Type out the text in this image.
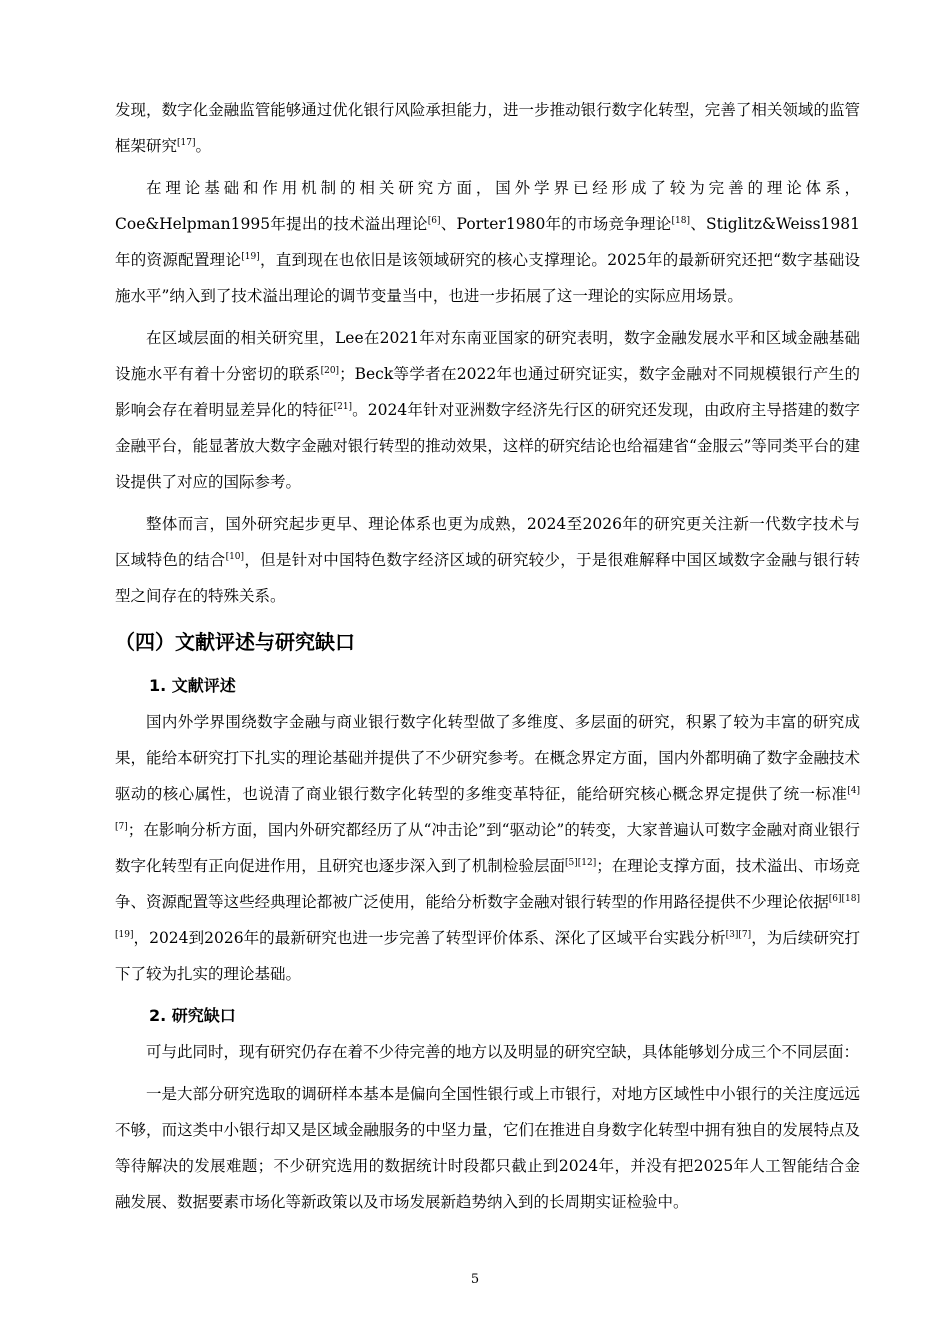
发现，数字化金融监管能够通过优化银行风险承担能力，进一步推动银行数字化转型，完善了相关领域的监管框架研究[17]。

在理论基础和作用机制的相关研究方面，国外学界已经形成了较为完善的理论体系，Coe&Helpman1995年提出的技术溢出理论[6]、Porter1980年的市场竞争理论[18]、Stiglitz&Weiss1981年的资源配置理论[19]，直到现在也依旧是该领域研究的核心支撑理论。2025年的最新研究还把“数字基础设施水平”纳入到了技术溢出理论的调节变量当中，也进一步拓展了这一理论的实际应用场景。

在区域层面的相关研究里，Lee在2021年对东南亚国家的研究表明，数字金融发展水平和区域金融基础设施水平有着十分密切的联系[20]；Beck等学者在2022年也通过研究证实，数字金融对不同规模银行产生的影响会存在着明显差异化的特征[21]。2024年针对亚洲数字经济先行区的研究还发现，由政府主导搭建的数字金融平台，能显著放大数字金融对银行转型的推动效果，这样的研究结论也给福建省“金服云”等同类平台的建设提供了对应的国际参考。

整体而言，国外研究起步更早、理论体系也更为成熟，2024至2026年的研究更关注新一代数字技术与区域特色的结合[10]，但是针对中国特色数字经济区域的研究较少，于是很难解释中国区域数字金融与银行转型之间存在的特殊关系。

（四）文献评述与研究缺口
1. 文献评述

国内外学界围绕数字金融与商业银行数字化转型做了多维度、多层面的研究，积累了较为丰富的研究成果，能给本研究打下扎实的理论基础并提供了不少研究参考。在概念界定方面，国内外都明确了数字金融技术驱动的核心属性，也说清了商业银行数字化转型的多维变革特征，能给研究核心概念界定提供了统一标准[4][7]；在影响分析方面，国内外研究都经历了从“冲击论”到“驱动论”的转变，大家普遍认可数字金融对商业银行数字化转型有正向促进作用，且研究也逐步深入到了机制检验层面[5][12]；在理论支撑方面，技术溢出、市场竞争、资源配置等这些经典理论都被广泛使用，能给分析数字金融对银行转型的作用路径提供不少理论依据[6][18][19]，2024到2026年的最新研究也进一步完善了转型评价体系、深化了区域平台实践分析[3][7]，为后续研究打下了较为扎实的理论基础。

2. 研究缺口

可与此同时，现有研究仍存在着不少待完善的地方以及明显的研究空缺，具体能够划分成三个不同层面：

一是大部分研究选取的调研样本基本是偏向全国性银行或上市银行，对地方区域性中小银行的关注度远远不够，而这类中小银行却又是区域金融服务的中坚力量，它们在推进自身数字化转型中拥有独自的发展特点及等待解决的发展难题；不少研究选用的数据统计时段都只截止到2024年，并没有把2025年人工智能结合金融发展、数据要素市场化等新政策以及市场发展新趋势纳入到的长周期实证检验中。

5
